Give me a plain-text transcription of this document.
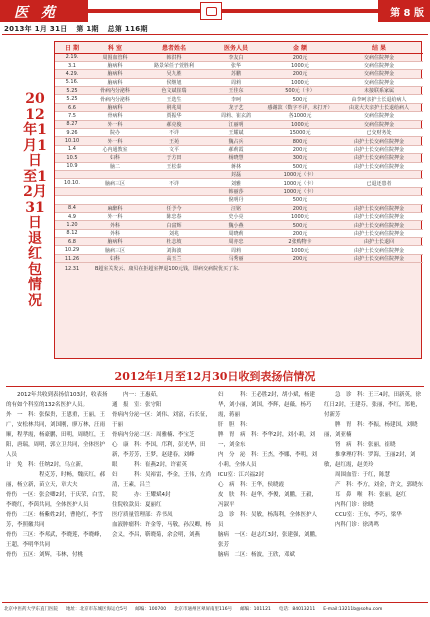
医 苑	第 8 版
2013年 1月 31日 第 1期 总第 116期
2012年1月1日至12月31日退红包情况
日 期	科 室	患者姓名	医务人员	金 额	结 果
2.19.	周围血管科	韩洪得	李友白	200元	交病住院押金
3.1	脑病科	路景荣任子萱胜利	张华	1000元	交病住院押金
4.29.	脑病科	吴九胜	苏鹏	200元	交病住院押金
5.16.	脑病科	侯继旭	周莉	1000元	交病住院押金
5.25	骨病内分泌科	色文斌崔瑞	王佳东	500元（卡）	未接联系家属
5.25	骨病内分泌科	王选生	李呵	500元	由李呵亲护士长退给病人
6.6	脑病科	荆兆周	龙子艺	感谢款（数字不详，未打开）	由龙大夫亲护士长退给病人
7.5	骨病科	贾振华	周莉、崔玄鸽	各1000元	交病住院押金
8.27	外一科	郝克俊	江丽明	1000元	交病住院押金
9.26	院办	不详	王耀斌	15000元	已交财务处
10.10	外一科	王苑	魏占兵	800元	由护士长交病住院押金
1.4	心内通教室	文平	郝莉霞	200元	由护士长交病住院押金
10.5	妇科	于方田	杨晓慧	300元	由护士长交病住院押金
10.9	脑二	王松泰	蒋林	500元	由护士长交病住院押金
			封磊	1000元（卡）	
10.10.	脑病三区	不详	刘雅	1000元（卡）	已退还患者
			韩丽莎	1000元（卡）	
			倪明丹	500元	
8.4	麻醉科	任予今	汪铭	200元	由护士长交病住院押金
4.9	外一科	陈忠春	史小亮	1000元	由护士长交病住院押金
1.20	外科	白富辉	魏小燕	500元	由护士长交病住院押金
8.12	外科	刘兆	周晓莉	200元	由护士长交病住院押金
6.8	脑病科	杜志坡	周亦忠	2张购物卡	由护士长退回
10.29	脑病三区	刘海波	周莉	1000元	由护士长交病住院押金
11.26	妇科	高玉兰	马秀丽	200元	由护士长交病住院押金
12.31	B超室关发云、康贝在拒超室押退100元钱，即病交病院优买了东.				
2012年1月至12月30日收到表扬信情况

　　2012年共收到表扬信103封，收表扬的有如个科室的132名医护人员。

外　一　科：张保贵，王恩重，王丽，王广，安松林共同，刘国刚，廖万林，汪雨顺，程孝霞，杨豪鹏，田明，周晓红，王阳，唐瑞，周明，郭立卫共同，全体医护人员

计　免　科：任纳2封，乌立新，

　　　　　　程克芳，时畅，魏庆红，郝丽，杨立新，苗立天，章大夫

骨伤　一区：张会卿2封，于庆荣，白雪，李晓红，李茵共同，全体医护人员

骨伤　二区：杨紫姓2封，曹艳红，李雪芳，李照徽共同

骨伤　三区：李邦武，李晓莲，李晓峰，王超，李明华共同

骨伤　五区：刘辉，韦林，付桃

　　内一：王惠茹，

通　报　室：张守阳

骨病内分泌一区：刘伟、刘富，石长征，于丽

骨病内分泌二区：周雅楠、李宝芝

心　康　科：李国，邝利，彭光华，田新，李芳芳，王梦，赵建春，刘峰

眼　　　科：崔燕2封，许霍英

妇　　　科：吴裕雷，李金，王伟，左尚清，王素，吕兰

院　　　办：王耀斌4封

住院收款员：夏丽红

医疗质量管理部：乔书凤

血液肿瘤科：许金等，马敬，孙汉卿，杨会义，李昌，靳晓菊，余会明，刘燕

妇　　　科：王必胜2封，胡小斌，杨建华，刘小丽，刘国，李辉，赵薇，杨巧霞，蒋丽

肝　胆　科：

脾　胃　病　科：李华2封，刘小莉，刘一，刘金东

内　分　泌　科：王杰，李娜，李明，刘小莉，全体人员

ICU室：江兴福2封

心　病　科：王华，侯晓霞

皮　肤　科：赵华，李俊，刘鹏，王毅，冯淑平

急　诊　科：吴敏，杨海利，全体医护人员

脑病　一区：赵志红3封，张建强，刘鹏，张芳

脑病　二区：杨波，王欣，邓斌

　　急　诊　科：王三4封，田新英，徐红日2封，王建芬，张丽，李红，郑艳，付新芳

　　脾　胃　科：李振，杨建国，刘晓丽，刘亚楠

　　肾　病　科：张丽，崔晓

　　推拿理疗科：罗海，王丽2封，刘敏，赵红霞，赵美玲

　　周围血管：于红，陈慧

　　产　科：李方，刘金，许文，郭晓东

　　耳　鼻　喉　科：张丽，赵红

　　内科门诊：徐晓

　　CCU室：王东，李巧，梁华

　　内科门诊：徐鸿鸣

北京中医药大学东直门医院 地址：北京市东城区海运仓5号 邮编：100700 北京市通州区翠屏南里116号 邮编：101121 电话：84013211 E-mail:13211b@sohu.com
